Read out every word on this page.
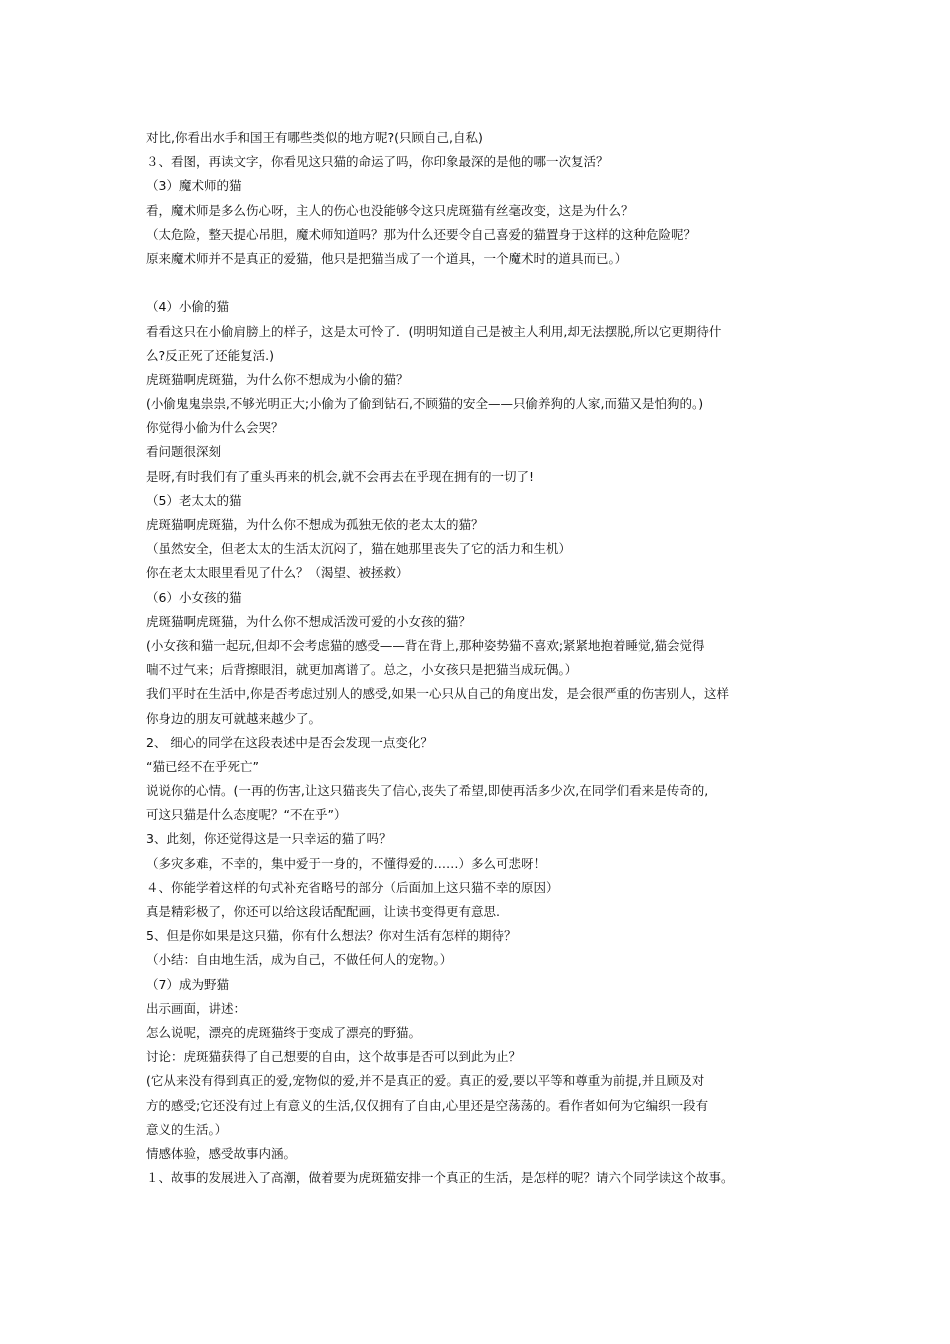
对比,你看出水手和国王有哪些类似的地方呢?(只顾自己,自私)
３、看图，再读文字，你看见这只猫的命运了吗，你印象最深的是他的哪一次复活？
（3）魔术师的猫
看，魔术师是多么伤心呀，主人的伤心也没能够令这只虎斑猫有丝毫改变，这是为什么？
（太危险，整天提心吊胆，魔术师知道吗？那为什么还要令自己喜爱的猫置身于这样的这种危险呢？
原来魔术师并不是真正的爱猫，他只是把猫当成了一个道具，一个魔术时的道具而已。）
（4）小偷的猫
看看这只在小偷肩膀上的样子，这是太可怜了．(明明知道自己是被主人利用,却无法摆脱,所以它更期待什
么?反正死了还能复活.)
虎斑猫啊虎斑猫，为什么你不想成为小偷的猫？
(小偷鬼鬼祟祟,不够光明正大;小偷为了偷到钻石,不顾猫的安全——只偷养狗的人家,而猫又是怕狗的。)
你觉得小偷为什么会哭？
看问题很深刻
是呀,有时我们有了重头再来的机会,就不会再去在乎现在拥有的一切了!
（5）老太太的猫
虎斑猫啊虎斑猫，为什么你不想成为孤独无依的老太太的猫？
（虽然安全，但老太太的生活太沉闷了，猫在她那里丧失了它的活力和生机）
你在老太太眼里看见了什么？（渴望、被拯救）
（6）小女孩的猫
虎斑猫啊虎斑猫，为什么你不想成活泼可爱的小女孩的猫？
(小女孩和猫一起玩,但却不会考虑猫的感受——背在背上,那种姿势猫不喜欢;紧紧地抱着睡觉,猫会觉得
喘不过气来；后背擦眼泪，就更加离谱了。总之，小女孩只是把猫当成玩偶。）
我们平时在生活中,你是否考虑过别人的感受,如果一心只从自己的角度出发，是会很严重的伤害别人，这样
你身边的朋友可就越来越少了。
2、 细心的同学在这段表述中是否会发现一点变化？
“猫已经不在乎死亡”
说说你的心情。(一再的伤害,让这只猫丧失了信心,丧失了希望,即使再活多少次,在同学们看来是传奇的,
可这只猫是什么态度呢？“不在乎”）
3、此刻，你还觉得这是一只幸运的猫了吗？
（多灾多难，不幸的，集中爱于一身的，不懂得爱的……）多么可悲呀！
４、你能学着这样的句式补充省略号的部分（后面加上这只猫不幸的原因）
真是精彩极了，你还可以给这段话配配画，让读书变得更有意思.
5、但是你如果是这只猫，你有什么想法？你对生活有怎样的期待？
（小结：自由地生活，成为自己，不做任何人的宠物。）
（7）成为野猫
出示画面，讲述：
怎么说呢，漂亮的虎斑猫终于变成了漂亮的野猫。
讨论：虎斑猫获得了自己想要的自由，这个故事是否可以到此为止？
(它从来没有得到真正的爱,宠物似的爱,并不是真正的爱。真正的爱,要以平等和尊重为前提,并且顾及对
方的感受;它还没有过上有意义的生活,仅仅拥有了自由,心里还是空荡荡的。看作者如何为它编织一段有
意义的生活。）
情感体验，感受故事内涵。
１、故事的发展进入了高潮，做着要为虎斑猫安排一个真正的生活，是怎样的呢？请六个同学读这个故事。
